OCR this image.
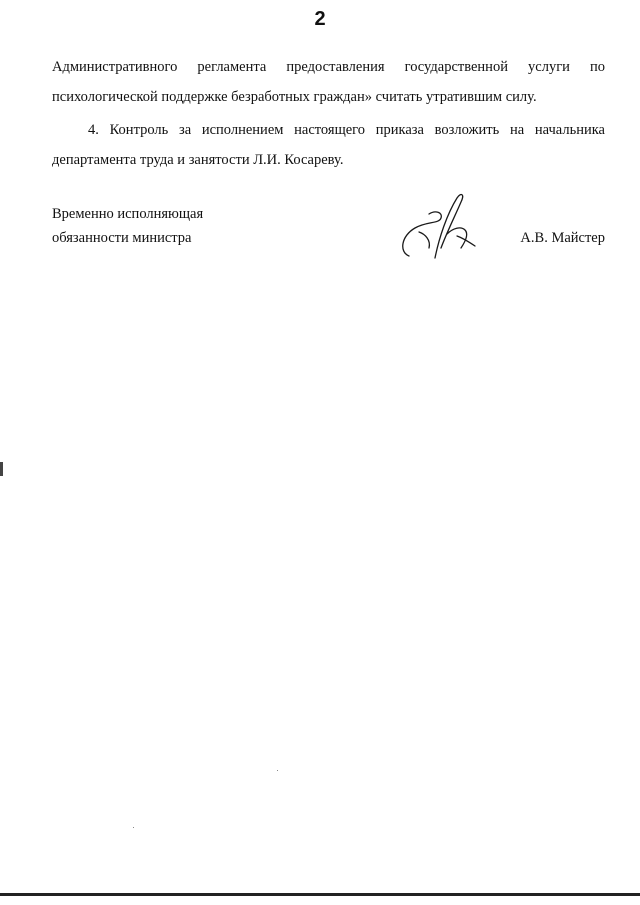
2

Административного регламента предоставления государственной услуги по
психологической поддержке безработных граждан» считать утратившим силу.

4. Контроль за исполнением настоящего приказа возложить на начальника
департамента труда и занятости Л.И. Косареву.

Временно исполняющая
обязанности министра	А.В. Майстер
